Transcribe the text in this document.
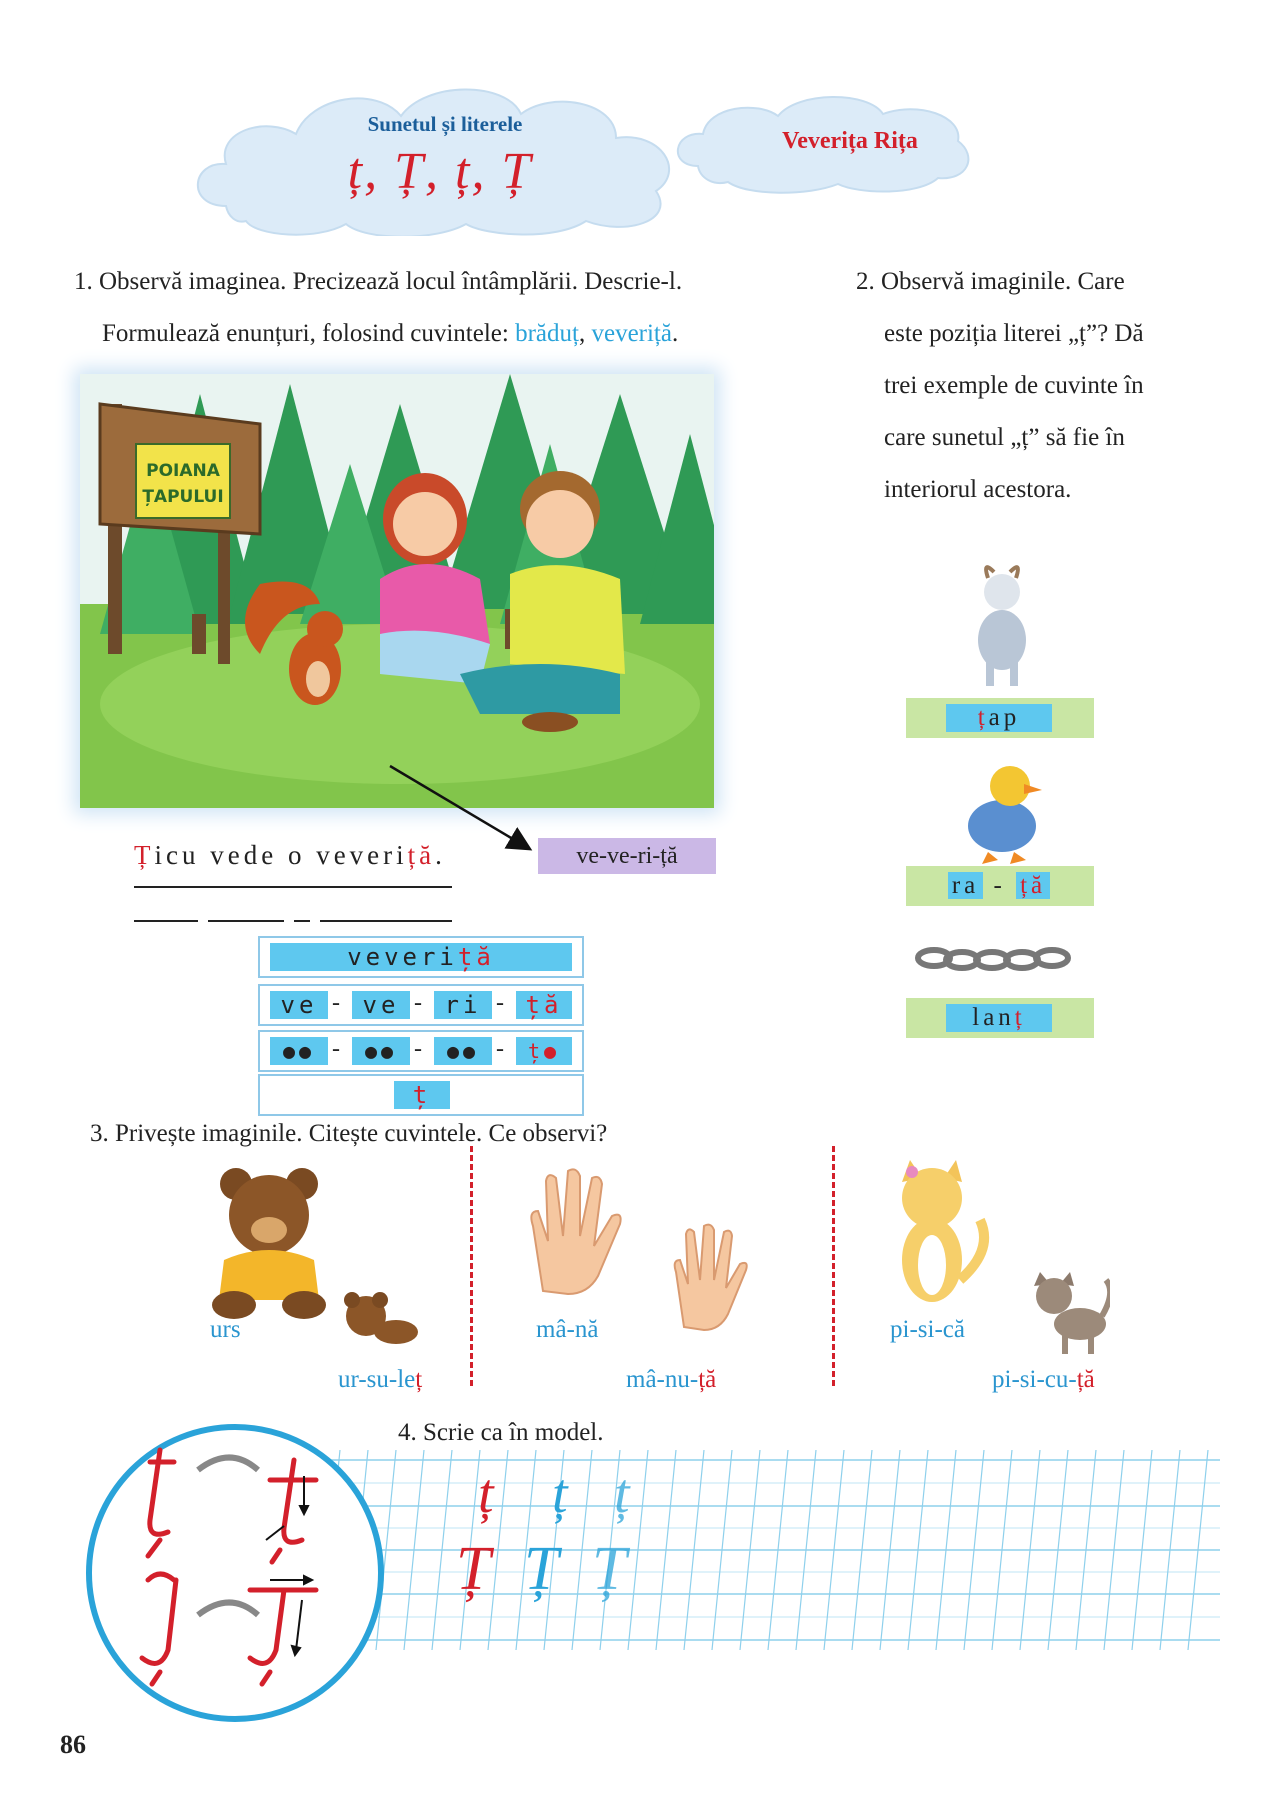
Sunetul și literele
ț, Ț, ț, Ț
Veverița Rița
1. Observă imaginea. Precizează locul întâmplării. Descrie-l.
Formulează enunțuri, folosind cuvintele: brăduț, veveriță.
POIANA
ȚAPULUI
ve-ve-ri-ță
Țicu vede o veveriță.
veveriță
ve - ve - ri - ță
●● -	●● -	●● -	ț●
ț
2. Observă imaginile. Care
este poziția literei „ț”? Dă
trei exemple de cuvinte în
care sunetul „ț” să fie în
interiorul acestora.
țap
ra - ță
lanț
3. Privește imaginile. Citește cuvintele. Ce observi?
urs
ur-su-leț
mâ-nă
mâ-nu-ță
pi-si-că
pi-si-cu-ță
4. Scrie ca în model.
ț ț ț
Ț Ț Ț
86
